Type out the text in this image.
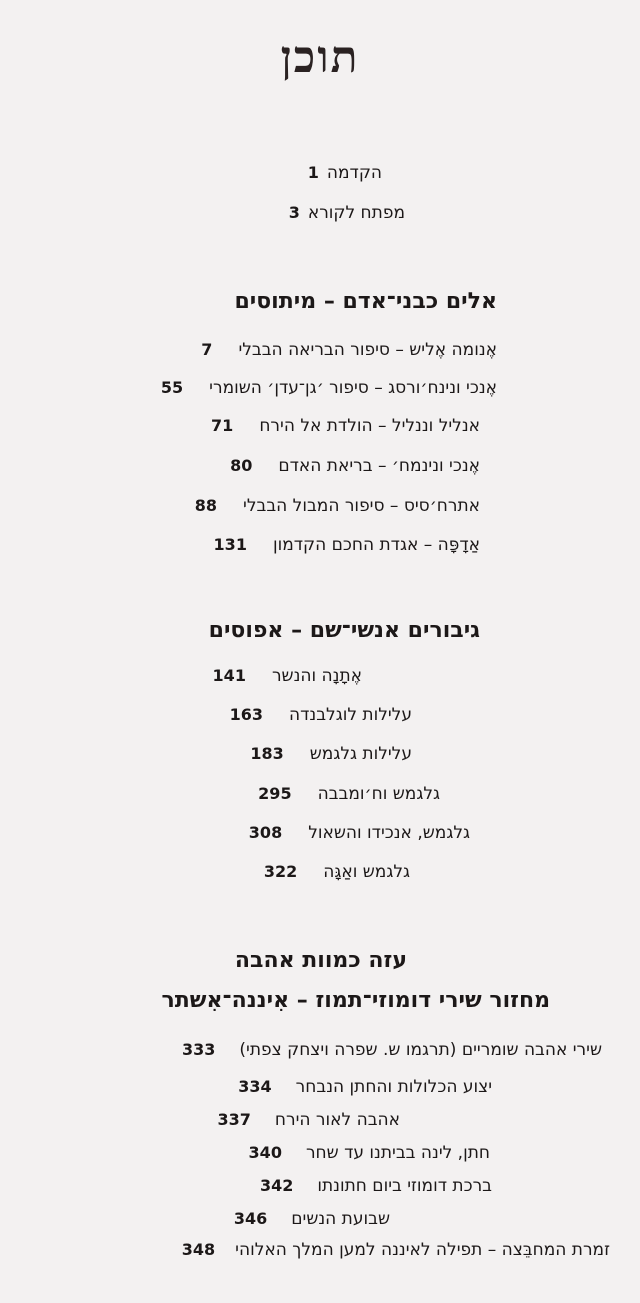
תוכן
הקדמה
1
מפתח לקורא
3
אלים כבני־אדם – מיתוסים
אֶנומה אֶליש – סיפור הבריאה הבבלי
7
אֶנכי ונינח׳ורסג – סיפור ׳גן־עדן׳ השומרי
55
אנליל וננליל – הולדת אל הירח
71
אֶנכי ונינמח׳ – בריאת האדם
80
אתרח׳סיס – סיפור המבול הבבלי
88
אַדָפָּה – אגדת החכם הקדמון
131
גיבורים אנשי־שם – אפוסים
אֶתָנָה והנשר
141
עלילות לוגלבנדה
163
עלילות גלגמש
183
גלגמש וח׳ומבבה
295
גלגמש, אנכידו והשאול
308
גלגמש ואַגָּה
322
עזה כמוות אהבה
מחזור שירי דומוזי־תמוז – אִיננה־אִשתר
שירי אהבה שומריים (תרגמו ש. שפרה ויצחק צפתי)
333
יצוע הכלולות והחתן הנבחר
334
אהבה לאור הירח
337
חתן, לינה בביתנו עד שחר
340
ברכת דומוזי ביום חתונתו
342
שבועת הנשים
346
זמרת המחבֵּצה – תפילה לאיננה למען המלך האלוהי
348
